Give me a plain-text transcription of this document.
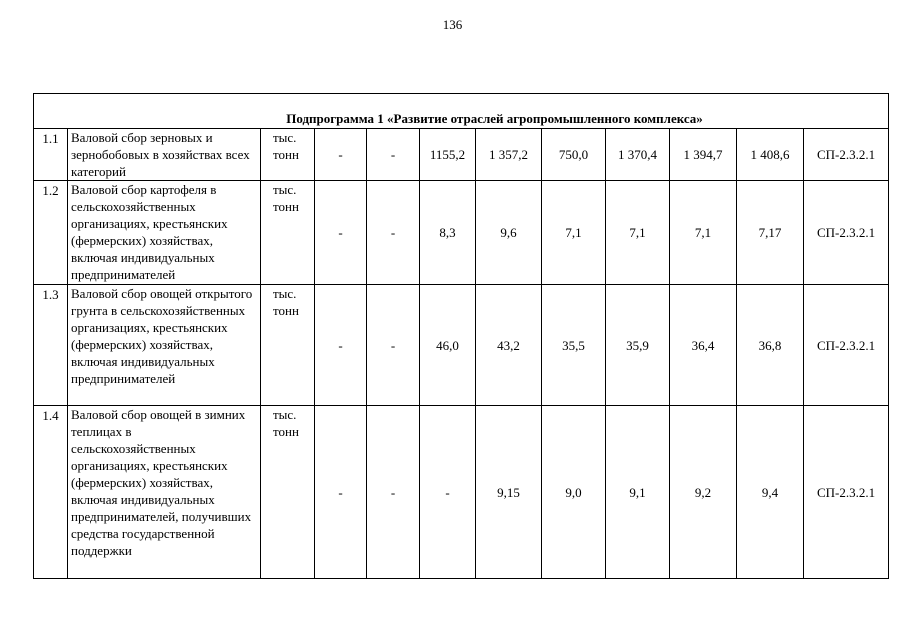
136

Подпрограмма 1 «Развитие отраслей агропромышленного комплекса»											
1.1	Валовой сбор зерновых и зернобобовых в хозяйствах всех категорий	тыс. тонн	-	-	1155,2	1 357,2	750,0	1 370,4	1 394,7	1 408,6	СП-2.3.2.1
1.2	Валовой сбор картофеля в сельскохозяйственных организациях, крестьянских (фермерских) хозяйствах, включая индивидуальных предпринимателей	тыс. тонн	-	-	8,3	9,6	7,1	7,1	7,1	7,17	СП-2.3.2.1
1.3	Валовой сбор овощей открытого грунта в сельскохозяйственных организациях, крестьянских (фермерских) хозяйствах, включая индивидуальных предпринимателей	тыс. тонн	-	-	46,0	43,2	35,5	35,9	36,4	36,8	СП-2.3.2.1
1.4	Валовой сбор овощей в зимних теплицах в сельскохозяйственных организациях, крестьянских (фермерских) хозяйствах, включая индивидуальных предпринимателей, получивших средства государственной поддержки	тыс. тонн	-	-	-	9,15	9,0	9,1	9,2	9,4	СП-2.3.2.1
